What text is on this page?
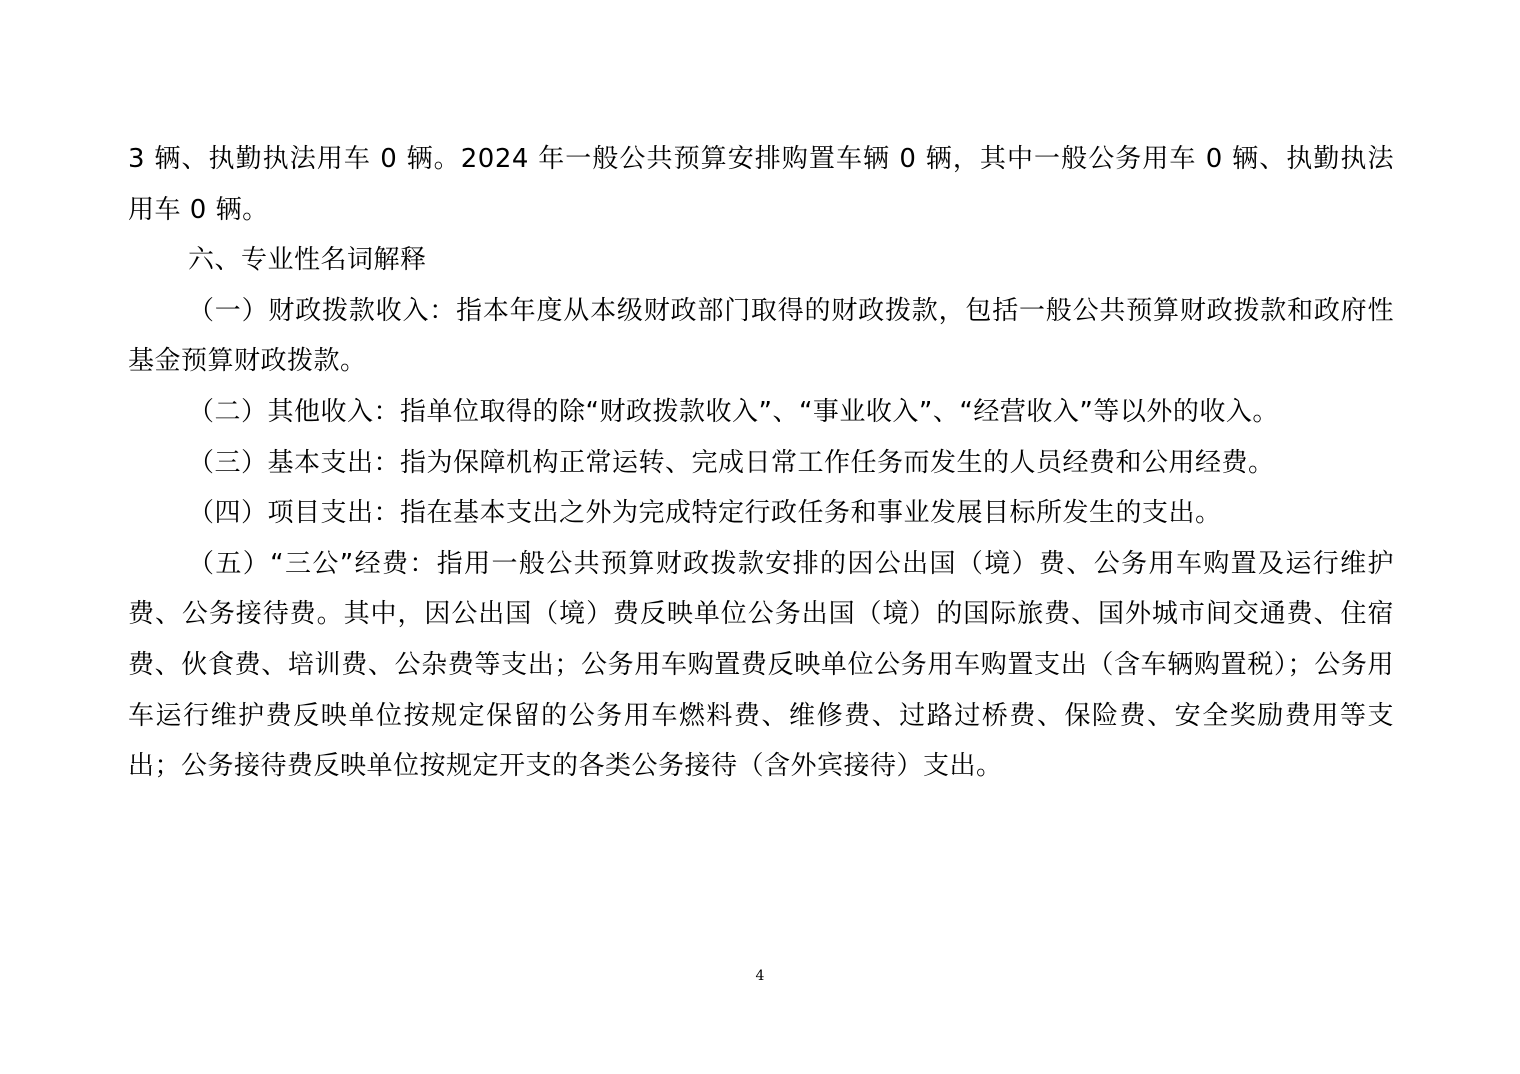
3 辆、执勤执法用车 0 辆。2024 年一般公共预算安排购置车辆 0 辆，其中一般公务用车 0 辆、执勤执法用车 0 辆。

六、专业性名词解释

（一）财政拨款收入：指本年度从本级财政部门取得的财政拨款，包括一般公共预算财政拨款和政府性基金预算财政拨款。

（二）其他收入：指单位取得的除“财政拨款收入”、“事业收入”、“经营收入”等以外的收入。

（三）基本支出：指为保障机构正常运转、完成日常工作任务而发生的人员经费和公用经费。

（四）项目支出：指在基本支出之外为完成特定行政任务和事业发展目标所发生的支出。

（五）“三公”经费：指用一般公共预算财政拨款安排的因公出国（境）费、公务用车购置及运行维护费、公务接待费。其中，因公出国（境）费反映单位公务出国（境）的国际旅费、国外城市间交通费、住宿费、伙食费、培训费、公杂费等支出；公务用车购置费反映单位公务用车购置支出（含车辆购置税）；公务用车运行维护费反映单位按规定保留的公务用车燃料费、维修费、过路过桥费、保险费、安全奖励费用等支出；公务接待费反映单位按规定开支的各类公务接待（含外宾接待）支出。

4
